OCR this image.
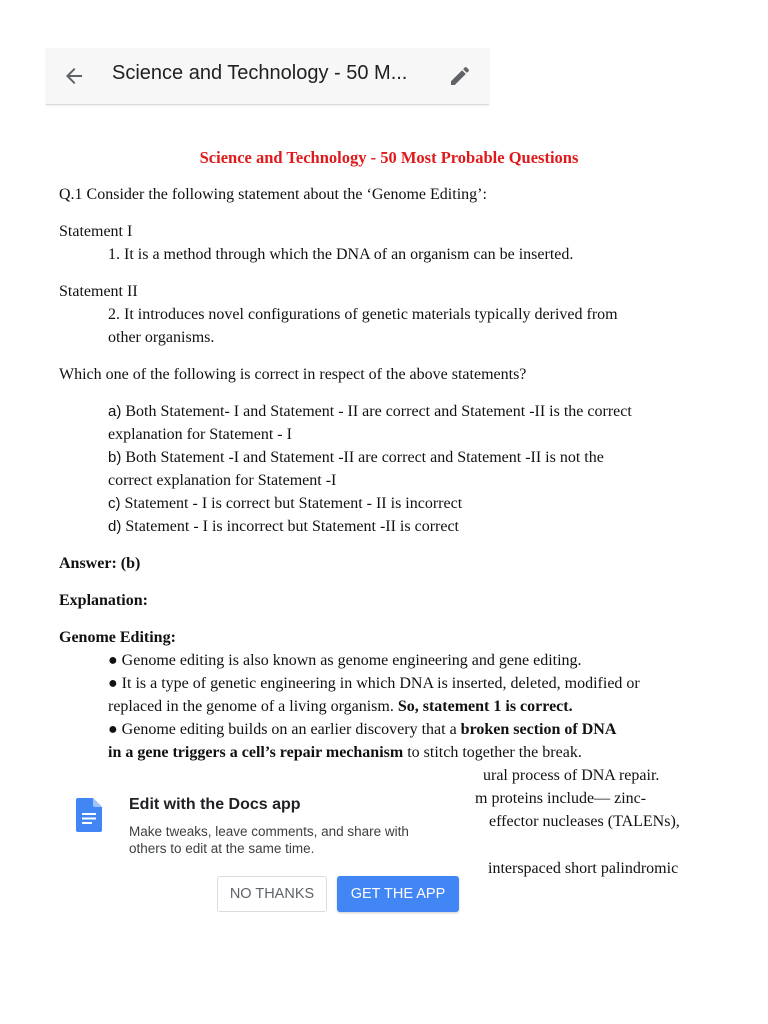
Science and Technology - 50 M...
Science and Technology - 50 Most Probable Questions

Q.1 Consider the following statement about the ‘Genome Editing’:

Statement I

1. It is a method through which the DNA of an organism can be inserted.

Statement II

2. It introduces novel configurations of genetic materials typically derived from

other organisms.

Which one of the following is correct in respect of the above statements?

a) Both Statement- I and Statement - II are correct and Statement -II is the correct

explanation for Statement - I

b) Both Statement -I and Statement -II are correct and Statement -II is not the

correct explanation for Statement -I

c) Statement - I is correct but Statement - II is incorrect

d) Statement - I is incorrect but Statement -II is correct

Answer: (b)

Explanation:

Genome Editing:

● Genome editing is also known as genome engineering and gene editing.

● It is a type of genetic engineering in which DNA is inserted, deleted, modified or

replaced in the genome of a living organism. So, statement 1 is correct.

● Genome editing builds on an earlier discovery that a broken section of DNA

in a gene triggers a cell’s repair mechanism to stitch together the break.

ural process of DNA repair.

m proteins include— zinc-

effector nucleases (TALENs),

interspaced short palindromic

Edit with the Docs app
Make tweaks, leave comments, and share with others to edit at the same time.
NO THANKS	GET THE APP
